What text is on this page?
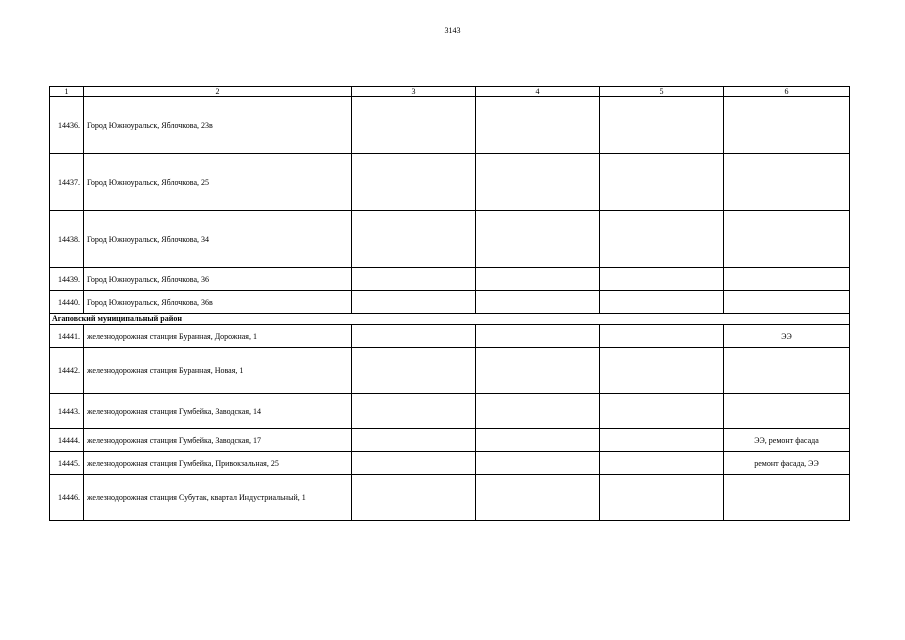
3143
1	2	3	4	5	6
14436.	Город Южноуральск, Яблочкова, 23в				
14437.	Город Южноуральск, Яблочкова, 25				
14438.	Город Южноуральск, Яблочкова, 34				
14439.	Город Южноуральск, Яблочкова, 36				
14440.	Город Южноуральск, Яблочкова, 36в				
Агаповский муниципальный район					
14441.	железнодорожная станция Буранная, Дорожная, 1				ЭЭ
14442.	железнодорожная станция Буранная, Новая, 1				
14443.	железнодорожная станция Гумбейка, Заводская, 14				
14444.	железнодорожная станция Гумбейка, Заводская, 17				ЭЭ, ремонт фасада
14445.	железнодорожная станция Гумбейка, Привокзальная, 25				ремонт фасада, ЭЭ
14446.	железнодорожная станция Субутак, квартал Индустриальный, 1				
